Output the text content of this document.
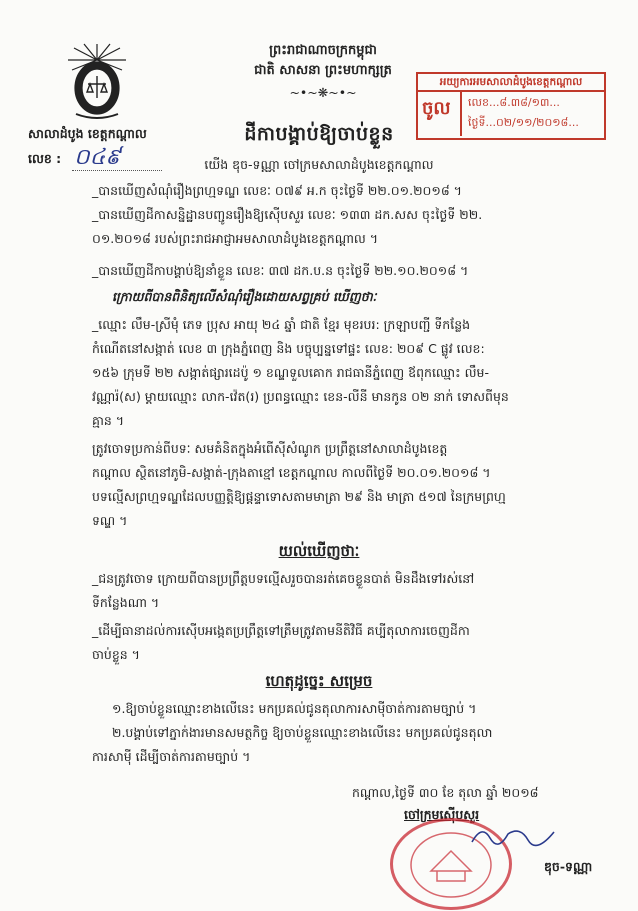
សាលាដំបូង ខេត្តកណ្តាល
លេខ : ០៤៩
ព្រះរាជាណាចក្រកម្ពុជា
ជាតិ សាសនា ព្រះមហាក្សត្រ
~•~❋~•~
អយ្យការអមសាលាដំបូងខេត្តកណ្តាល
ចូល លេខ...៨.៣៨/១៣...
ថ្ងៃទី...០២/១១/២០១៨...
ដីកាបង្គាប់ឱ្យចាប់ខ្លួន
យើង ឌុច-ទណ្ណា ចៅក្រមសាលាដំបូងខេត្តកណ្តាល
_បានឃើញសំណុំរឿងព្រហ្មទណ្ឌ លេខៈ ០៧៩ អ.ក ចុះថ្ងៃទី ២២.០១.២០១៨ ។
_បានឃើញដីកាសន្និដ្ឋានបញ្ជូនរឿងឱ្យស៊ើបសួរ លេខៈ ១៣៣ ដក.សស ចុះថ្ងៃទី ២២.
០១.២០១៨ របស់ព្រះរាជអាជ្ញាអមសាលាដំបូងខេត្តកណ្តាល ។
_បានឃើញដីកាបង្គាប់ឱ្យនាំខ្លួន លេខៈ ៣៧ ដក.ប.ន ចុះថ្ងៃទី ២២.១០.២០១៨ ។
ក្រោយពីបានពិនិត្យលើសំណុំរឿងដោយសព្វគ្រប់ ឃើញថាៈ
_ឈ្មោះ លឹម-ស្រីមុំ ភេទ ប្រុស អាយុ ២៤ ឆ្នាំ ជាតិ ខ្មែរ មុខរបរ: ក្រឡាបញ្ជី ទីកន្លែង
កំណើតនៅសង្កាត់ លេខ ៣ ក្រុងភ្នំពេញ និង បច្ចុប្បន្នទៅផ្ទះ លេខ: ២០៩ C ផ្លូវ លេខ:
១៥៦ ក្រុមទី ២២ សង្កាត់ផ្សារដេប៉ូ ១ ខណ្ឌទួលគោក រាជធានីភ្នំពេញ ឪពុកឈ្មោះ លឹម-
វណ្ណារ៉(ស) ម្តាយឈ្មោះ លាក-វ៉េត(រ) ប្រពន្ធឈ្មោះ ខេន-លីនី មានកូន ០២ នាក់ ទោសពីមុន
គ្មាន ។
ត្រូវចោទប្រកាន់ពីបទៈ សមគំនិតក្នុងអំពើស៊ីសំណូក ប្រព្រឹត្តនៅសាលាដំបូងខេត្ត
កណ្តាល ស្ថិតនៅភូមិ-សង្កាត់-ក្រុងតាខ្មៅ ខេត្តកណ្តាល កាលពីថ្ងៃទី ២០.០១.២០១៨ ។
បទល្មើសព្រហ្មទណ្ឌដែលបញ្ញត្តិឱ្យផ្តន្ទាទោសតាមមាត្រា ២៩ និង មាត្រា ៥១៧ នៃក្រមព្រហ្ម
ទណ្ឌ ។
យល់ឃើញថាៈ
_ជនត្រូវចោទ ក្រោយពីបានប្រព្រឹត្តបទល្មើសរួចបានរត់គេចខ្លួនបាត់ មិនដឹងទៅរស់នៅ
ទីកន្លែងណា ។
_ដើម្បីធានាដល់ការស៊ើបអង្កេតប្រព្រឹត្តទៅត្រឹមត្រូវតាមនីតិវិធី គប្បីតុលាការចេញដីកា
ចាប់ខ្លួន ។
ហេតុដូច្នេះ សម្រេច
១.ឱ្យចាប់ខ្លួនឈ្មោះខាងលើនេះ មកប្រគល់ជូនតុលាការសាម៉ីចាត់ការតាមច្បាប់ ។
២.បង្គាប់ទៅភ្នាក់ងារមានសមត្ថកិច្ច ឱ្យចាប់ខ្លួនឈ្មោះខាងលើនេះ មកប្រគល់ជូនតុលា
ការសាម៉ី ដើម្បីចាត់ការតាមច្បាប់ ។
កណ្តាល,ថ្ងៃទី ៣០ ខែ តុលា ឆ្នាំ ២០១៨
ចៅក្រមស៊ើបសួរ
ឌុច-ទណ្ណា
